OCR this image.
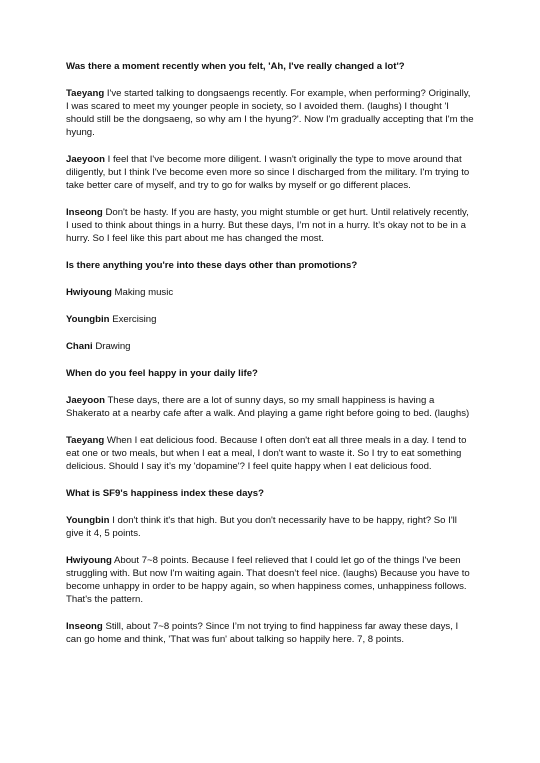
Was there a moment recently when you felt, 'Ah, I've really changed a lot'?

Taeyang I've started talking to dongsaengs recently. For example, when performing? Originally, I was scared to meet my younger people in society, so I avoided them. (laughs) I thought 'I should still be the dongsaeng, so why am I the hyung?'. Now I'm gradually accepting that I'm the hyung.

Jaeyoon I feel that I've become more diligent. I wasn't originally the type to move around that diligently, but I think I've become even more so since I discharged from the military. I'm trying to take better care of myself, and try to go for walks by myself or go different places.

Inseong Don't be hasty. If you are hasty, you might stumble or get hurt. Until relatively recently, I used to think about things in a hurry. But these days, I’m not in a hurry. It’s okay not to be in a hurry. So I feel like this part about me has changed the most.

Is there anything you're into these days other than promotions?

Hwiyoung Making music

Youngbin Exercising

Chani Drawing

When do you feel happy in your daily life?

Jaeyoon These days, there are a lot of sunny days, so my small happiness is having a Shakerato at a nearby cafe after a walk. And playing a game right before going to bed. (laughs)

Taeyang When I eat delicious food. Because I often don't eat all three meals in a day. I tend to eat one or two meals, but when I eat a meal, I don't want to waste it. So I try to eat something delicious. Should I say it’s my 'dopamine'? I feel quite happy when I eat delicious food.

What is SF9's happiness index these days?

Youngbin I don't think it's that high. But you don't necessarily have to be happy, right? So I'll give it 4, 5 points.

Hwiyoung About 7~8 points. Because I feel relieved that I could let go of the things I've been struggling with. But now I'm waiting again. That doesn’t feel nice. (laughs) Because you have to become unhappy in order to be happy again, so when happiness comes, unhappiness follows. That's the pattern.

Inseong Still, about 7~8 points? Since I’m not trying to find happiness far away these days, I can go home and think, 'That was fun' about talking so happily here. 7, 8 points.
